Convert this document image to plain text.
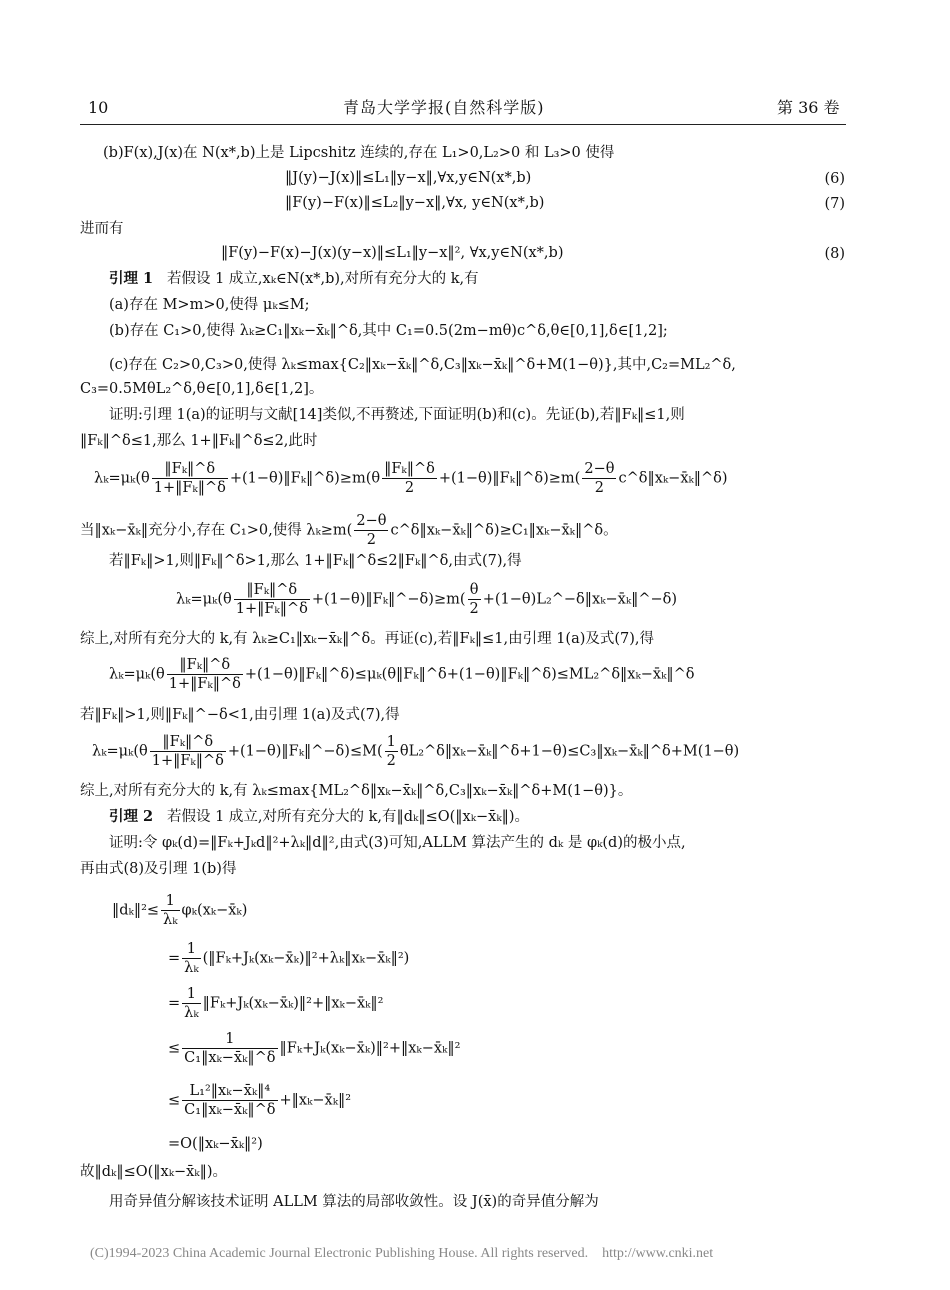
10	青岛大学学报(自然科学版)	第 36 卷
(b)F(x),J(x)在 N(x*,b)上是 Lipcshitz 连续的,存在 L₁>0,L₂>0 和 L₃>0 使得
‖J(y)−J(x)‖≤L₁‖y−x‖,∀x,y∈N(x*,b)	(6)
‖F(y)−F(x)‖≤L₂‖y−x‖,∀x, y∈N(x*,b)	(7)
进而有
‖F(y)−F(x)−J(x)(y−x)‖≤L₁‖y−x‖², ∀x,y∈N(x*,b)	(8)
引理 1 若假设 1 成立,xₖ∈N(x*,b),对所有充分大的 k,有
(a)存在 M>m>0,使得 μₖ≤M;
(b)存在 C₁>0,使得 λₖ≥C₁‖xₖ−x̄ₖ‖^δ,其中 C₁=0.5(2m−mθ)c^δ,θ∈[0,1],δ∈[1,2];
(c)存在 C₂>0,C₃>0,使得 λₖ≤max{C₂‖xₖ−x̄ₖ‖^δ,C₃‖xₖ−x̄ₖ‖^δ+M(1−θ)},其中,C₂=ML₂^δ,
C₃=0.5MθL₂^δ,θ∈[0,1],δ∈[1,2]。
证明:引理 1(a)的证明与文献[14]类似,不再赘述,下面证明(b)和(c)。先证(b),若‖Fₖ‖≤1,则
‖Fₖ‖^δ≤1,那么 1+‖Fₖ‖^δ≤2,此时
$\lambda_k=\mu_k(\theta \frac{\text{‖Fₖ‖\textasciicircum{}δ}}{\text{1+‖Fₖ‖\textasciicircum{}δ}}$ +(1−θ)‖Fₖ‖^δ)≥m(θ $\frac{\text{‖Fₖ‖\textasciicircum{}δ}}{2}$ +(1−θ)‖Fₖ‖^δ)≥m( $\frac{2-\theta}{2}$ c^δ‖xₖ−x̄ₖ‖^δ)
当‖xₖ−x̄ₖ‖充分小,存在 C₁>0,使得 $\lambda_k\ge m( \frac{2-\theta}{2}$ c^δ‖xₖ−x̄ₖ‖^δ)≥C₁‖xₖ−x̄ₖ‖^δ。
若‖Fₖ‖>1,则‖Fₖ‖^δ>1,那么 1+‖Fₖ‖^δ≤2‖Fₖ‖^δ,由式(7),得
$\lambda_k=\mu_k(\theta \frac{\text{‖Fₖ‖\textasciicircum{}δ}}{\text{1+‖Fₖ‖\textasciicircum{}δ}}$ +(1−θ)‖Fₖ‖^−δ)≥m( $\frac{\theta}{2}$ +(1−θ)L₂^−δ‖xₖ−x̄ₖ‖^−δ)
综上,对所有充分大的 k,有 λₖ≥C₁‖xₖ−x̄ₖ‖^δ。再证(c),若‖Fₖ‖≤1,由引理 1(a)及式(7),得
$\lambda_k=\mu_k(\theta \frac{\text{‖Fₖ‖\textasciicircum{}δ}}{\text{1+‖Fₖ‖\textasciicircum{}δ}}$ +(1−θ)‖Fₖ‖^δ)≤μₖ(θ‖Fₖ‖^δ+(1−θ)‖Fₖ‖^δ)≤ML₂^δ‖xₖ−x̄ₖ‖^δ
若‖Fₖ‖>1,则‖Fₖ‖^−δ<1,由引理 1(a)及式(7),得
$\lambda_k=\mu_k(\theta \frac{\text{‖Fₖ‖\textasciicircum{}δ}}{\text{1+‖Fₖ‖\textasciicircum{}δ}}$ +(1−θ)‖Fₖ‖^−δ)≤M( $\frac{1}{2}$ θL₂^δ‖xₖ−x̄ₖ‖^δ+1−θ)≤C₃‖xₖ−x̄ₖ‖^δ+M(1−θ)
综上,对所有充分大的 k,有 λₖ≤max{ML₂^δ‖xₖ−x̄ₖ‖^δ,C₃‖xₖ−x̄ₖ‖^δ+M(1−θ)}。
引理 2 若假设 1 成立,对所有充分大的 k,有‖dₖ‖≤O(‖xₖ−x̄ₖ‖)。
证明:令 φₖ(d)=‖Fₖ+Jₖd‖²+λₖ‖d‖²,由式(3)可知,ALLM 算法产生的 dₖ 是 φₖ(d)的极小点,
再由式(8)及引理 1(b)得
‖dₖ‖²≤ $\frac{1}{\text{λₖ}}$ φₖ(xₖ−x̄ₖ)
= $\frac{1}{\text{λₖ}}$ (‖Fₖ+Jₖ(xₖ−x̄ₖ)‖²+λₖ‖xₖ−x̄ₖ‖²)
= $\frac{1}{\text{λₖ}}$ ‖Fₖ+Jₖ(xₖ−x̄ₖ)‖²+‖xₖ−x̄ₖ‖²
≤ $\frac{1}{\text{C₁‖xₖ−x̄ₖ‖\textasciicircum{}δ}}$ ‖Fₖ+Jₖ(xₖ−x̄ₖ)‖²+‖xₖ−x̄ₖ‖²
≤ $\frac{\text{L₁²‖xₖ−x̄ₖ‖⁴}}{\text{C₁‖xₖ−x̄ₖ‖\textasciicircum{}δ}}$ +‖xₖ−x̄ₖ‖²
=O(‖xₖ−x̄ₖ‖²)
故‖dₖ‖≤O(‖xₖ−x̄ₖ‖)。
用奇异值分解该技术证明 ALLM 算法的局部收敛性。设 J(x̄)的奇异值分解为
(C)1994-2023 China Academic Journal Electronic Publishing House. All rights reserved. http://www.cnki.net
